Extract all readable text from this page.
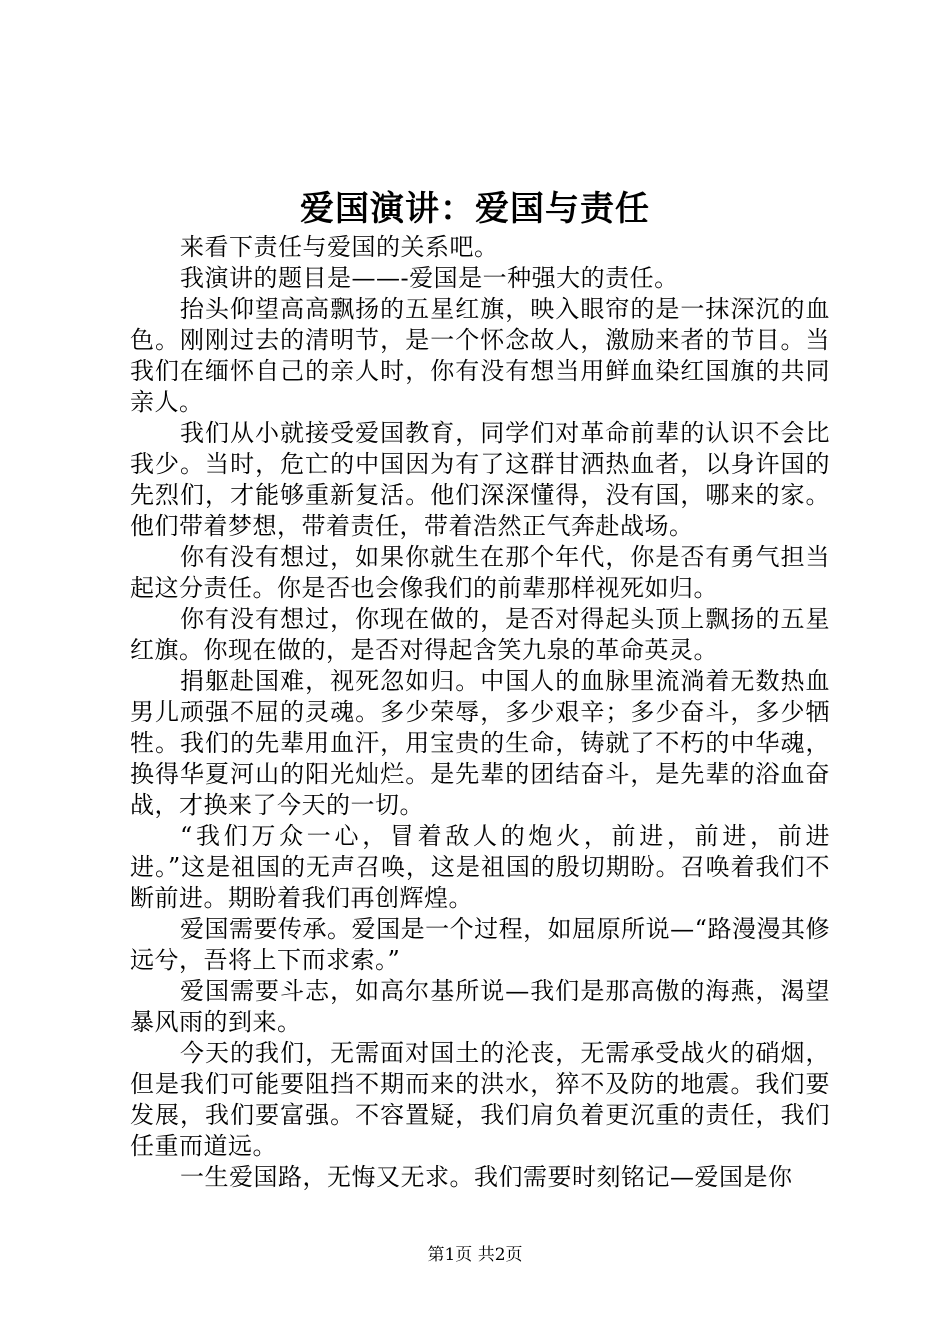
爱国演讲：爱国与责任

来看下责任与爱国的关系吧。

我演讲的题目是——-爱国是一种强大的责任。

抬头仰望高高飘扬的五星红旗，映入眼帘的是一抹深沉的血色。刚刚过去的清明节，是一个怀念故人，激励来者的节目。当我们在缅怀自己的亲人时，你有没有想当用鲜血染红国旗的共同亲人。

我们从小就接受爱国教育，同学们对革命前辈的认识不会比我少。当时，危亡的中国因为有了这群甘洒热血者，以身许国的先烈们，才能够重新复活。他们深深懂得，没有国，哪来的家。他们带着梦想，带着责任，带着浩然正气奔赴战场。

你有没有想过，如果你就生在那个年代，你是否有勇气担当起这分责任。你是否也会像我们的前辈那样视死如归。

你有没有想过，你现在做的，是否对得起头顶上飘扬的五星红旗。你现在做的，是否对得起含笑九泉的革命英灵。

捐躯赴国难，视死忽如归。中国人的血脉里流淌着无数热血男儿顽强不屈的灵魂。多少荣辱，多少艰辛；多少奋斗，多少牺牲。我们的先辈用血汗，用宝贵的生命，铸就了不朽的中华魂，换得华夏河山的阳光灿烂。是先辈的团结奋斗，是先辈的浴血奋战，才换来了今天的一切。

“我们万众一心，冒着敌人的炮火，前进，前进，前进进。”这是祖国的无声召唤，这是祖国的殷切期盼。召唤着我们不断前进。期盼着我们再创辉煌。

爱国需要传承。爱国是一个过程，如屈原所说—“路漫漫其修远兮，吾将上下而求索。”

爱国需要斗志，如高尔基所说—我们是那高傲的海燕，渴望暴风雨的到来。

今天的我们，无需面对国土的沦丧，无需承受战火的硝烟，但是我们可能要阻挡不期而来的洪水，猝不及防的地震。我们要发展，我们要富强。不容置疑，我们肩负着更沉重的责任，我们任重而道远。

一生爱国路，无悔又无求。我们需要时刻铭记—爱国是你

第1页 共2页
